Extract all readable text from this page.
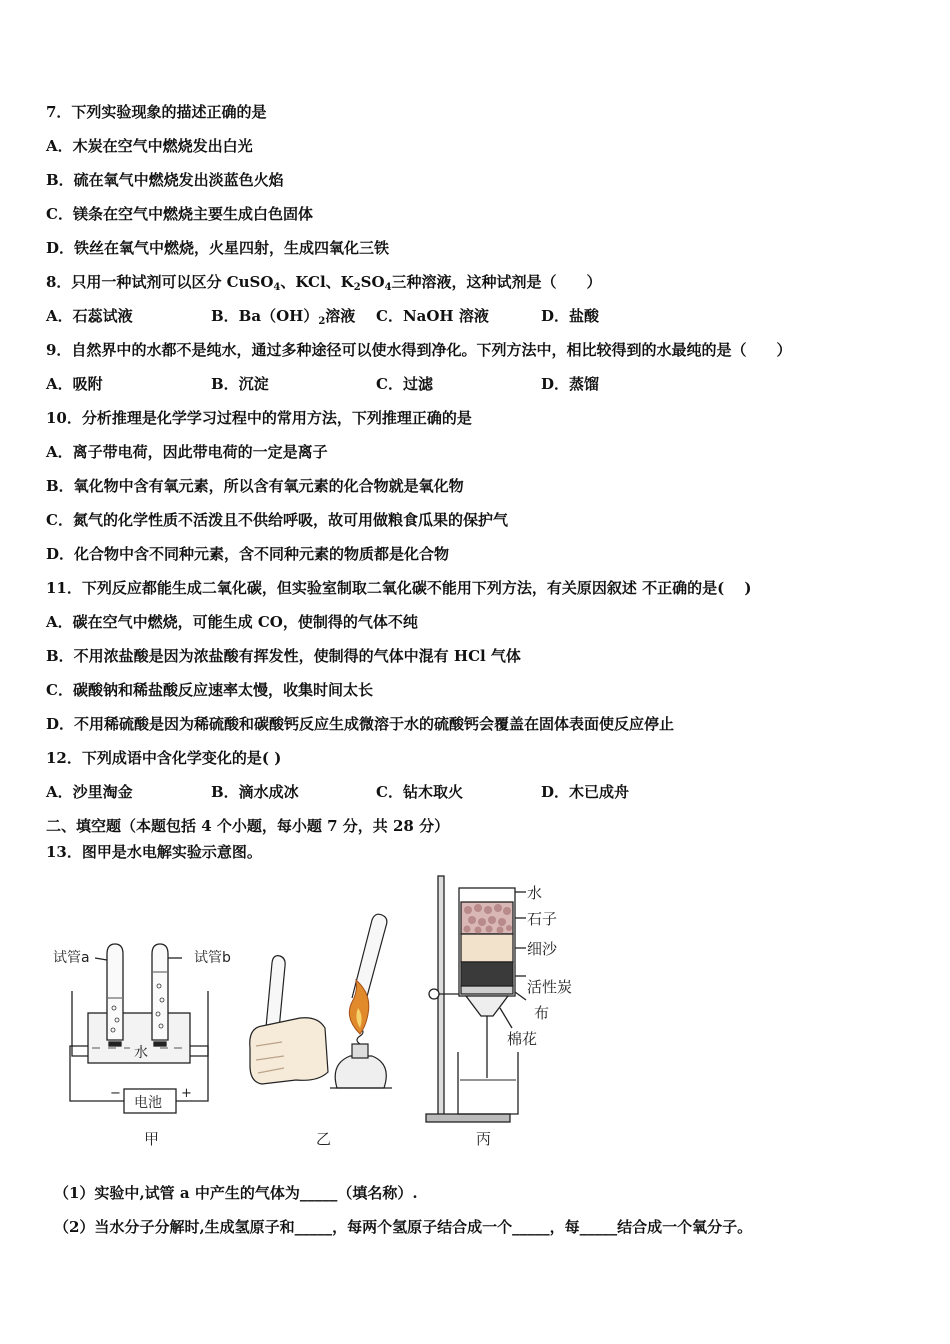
7．下列实验现象的描述正确的是
A．木炭在空气中燃烧发出白光
B．硫在氧气中燃烧发出淡蓝色火焰
C．镁条在空气中燃烧主要生成白色固体
D．铁丝在氧气中燃烧，火星四射，生成四氧化三铁
8．只用一种试剂可以区分 CuSO$_4$、KCl、$K_2SO_4$三种溶液，这种试剂是（　　）
A．石蕊试液	B．Ba（OH）2溶液 C．NaOH 溶液	D．盐酸
9．自然界中的水都不是纯水，通过多种途径可以使水得到净化。下列方法中，相比较得到的水最纯的是（　　）
A．吸附	B．沉淀	C．过滤	D．蒸馏
10．分析推理是化学学习过程中的常用方法，下列推理正确的是
A．离子带电荷，因此带电荷的一定是离子
B．氧化物中含有氧元素，所以含有氧元素的化合物就是氧化物
C．氮气的化学性质不活泼且不供给呼吸，故可用做粮食瓜果的保护气
D．化合物中含不同种元素，含不同种元素的物质都是化合物
11．下列反应都能生成二氧化碳，但实验室制取二氧化碳不能用下列方法，有关原因叙述 不正确的是(　 )
A．碳在空气中燃烧，可能生成 CO，使制得的气体不纯
B．不用浓盐酸是因为浓盐酸有挥发性，使制得的气体中混有 HCl 气体
C．碳酸钠和稀盐酸反应速率太慢，收集时间太长
D．不用稀硫酸是因为稀硫酸和碳酸钙反应生成微溶于水的硫酸钙会覆盖在固体表面使反应停止
12．下列成语中含化学变化的是( )
A．沙里淘金	B．滴水成冰	C．钻木取火	D．木已成舟
二、填空题（本题包括 4 个小题，每小题 7 分，共 28 分）
13．图甲是水电解实验示意图。
试管a	试管b
水
电池
−	+
甲	乙
水
石子
细沙
活性炭
布
棉花
丙
（1）实验中,试管 a 中产生的气体为_____（填名称）.
（2）当水分子分解时,生成氢原子和_____，每两个氢原子结合成一个_____，每_____结合成一个氧分子。
